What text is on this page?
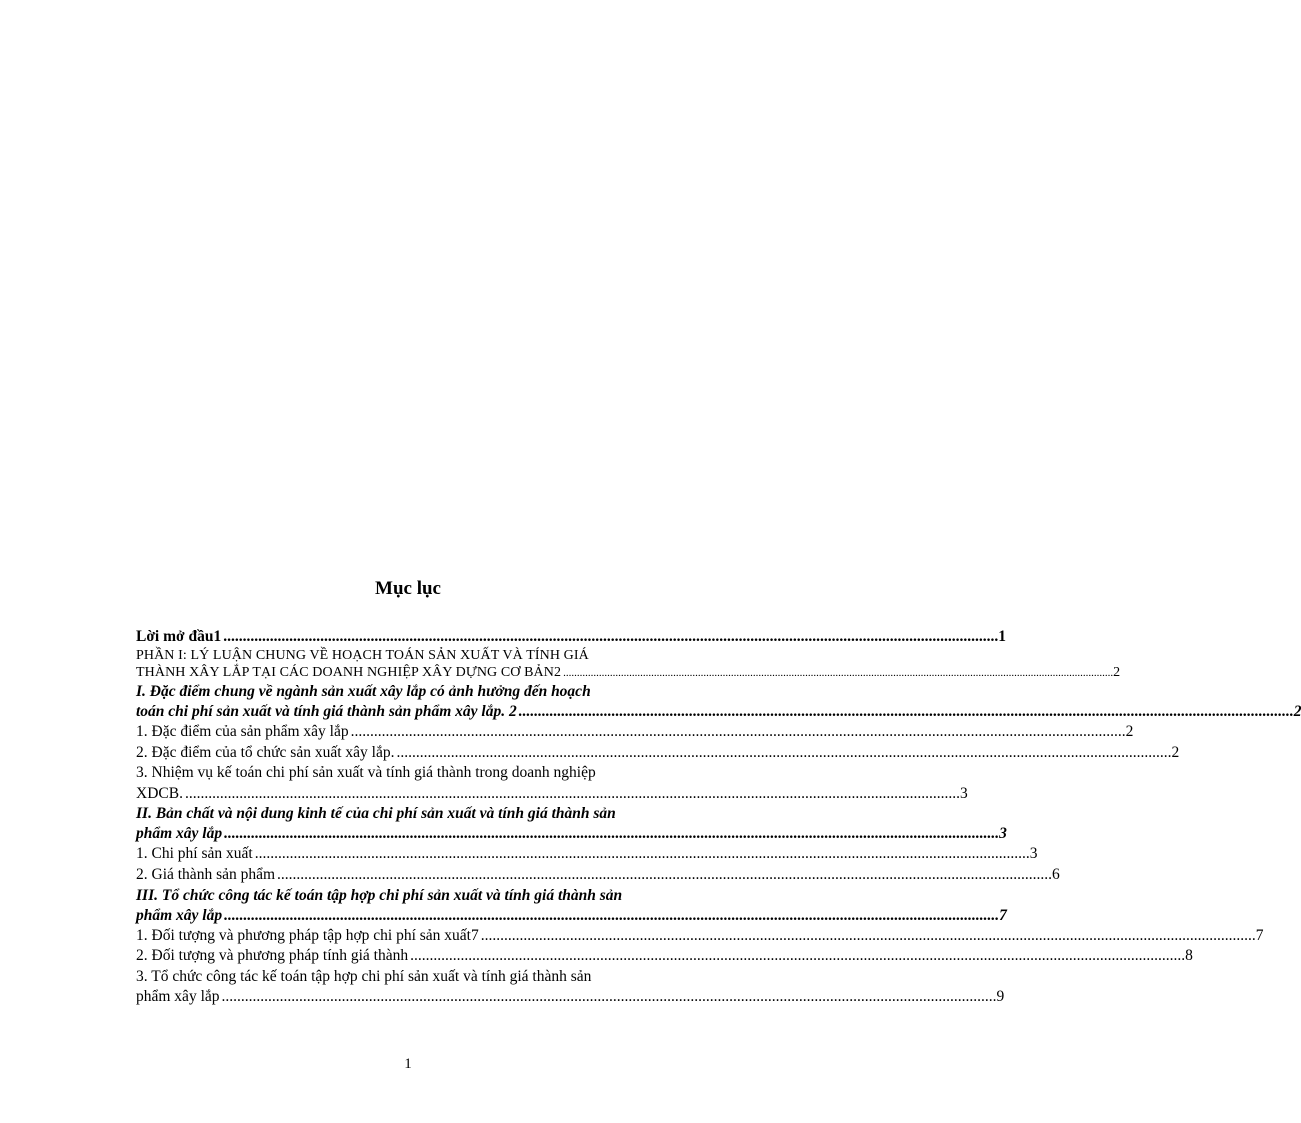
Mục lục
Lời mở đầu1 ........................................................................................................................................................................................................ 1
PHẦN I: LÝ LUẬN CHUNG VỀ HOẠCH TOÁN SẢN XUẤT VÀ TÍNH GIÁ
THÀNH XÂY LẮP TẠI CÁC DOANH NGHIỆP XÂY DỰNG CƠ BẢN2 ........................................................................................................................................................................................................ 2
I. Đặc điểm chung về ngành sản xuất xây lắp có ảnh hưởng đến hoạch
toán chi phí sản xuất và tính giá thành sản phẩm xây lắp. 2 ........................................................................................................................................................................................................ 2
1. Đặc điểm của sản phẩm xây lắp ........................................................................................................................................................................................................ 2
2. Đặc điểm của tổ chức sản xuất xây lắp. ........................................................................................................................................................................................................ 2
3. Nhiệm vụ kế toán chi phí sản xuất và tính giá thành trong doanh nghiệp
XDCB. ........................................................................................................................................................................................................ 3
II. Bản chất và nội dung kinh tế của chi phí sản xuất và tính giá thành sản
phẩm xây lắp ........................................................................................................................................................................................................ 3
1. Chi phí sản xuất ........................................................................................................................................................................................................ 3
2. Giá thành sản phẩm ........................................................................................................................................................................................................ 6
III. Tổ chức công tác kế toán tập hợp chi phí sản xuất và tính giá thành sản
phẩm xây lắp ........................................................................................................................................................................................................ 7
1. Đối tượng và phương pháp tập hợp chi phí sản xuất7 ........................................................................................................................................................................................................ 7
2. Đối tượng và phương pháp tính giá thành ........................................................................................................................................................................................................ 8
3. Tổ chức công tác kế toán tập hợp chi phí sản xuất và tính giá thành sản
phẩm xây lắp ........................................................................................................................................................................................................ 9
1
